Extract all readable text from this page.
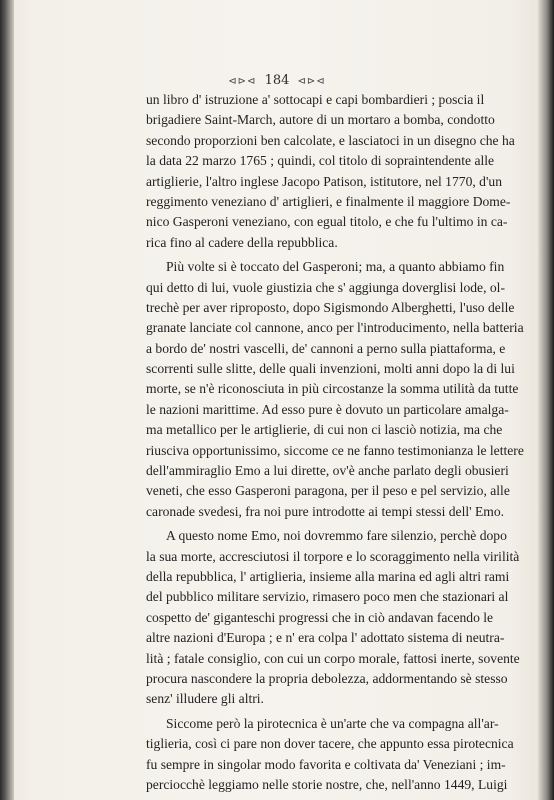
⊲⊳⊲ 184 ⊲⊳⊲
un libro d' istruzione a' sottocapi e capi bombardieri ; poscia il
brigadiere Saint-March, autore di un mortaro a bomba, condotto
secondo proporzioni ben calcolate, e lasciatoci in un disegno che ha
la data 22 marzo 1765 ; quindi, col titolo di sopraintendente alle
artiglierie, l'altro inglese Jacopo Patison, istitutore, nel 1770, d'un
reggimento veneziano d' artiglieri, e finalmente il maggiore Dome-
nico Gasperoni veneziano, con egual titolo, e che fu l'ultimo in ca-
rica fino al cadere della repubblica.
Più volte si è toccato del Gasperoni; ma, a quanto abbiamo fin
qui detto di lui, vuole giustizia che s' aggiunga doverglisi lode, ol-
trechè per aver riproposto, dopo Sigismondo Alberghetti, l'uso delle
granate lanciate col cannone, anco per l'introducimento, nella batteria
a bordo de' nostri vascelli, de' cannoni a perno sulla piattaforma, e
scorrenti sulle slitte, delle quali invenzioni, molti anni dopo la di lui
morte, se n'è riconosciuta in più circostanze la somma utilità da tutte
le nazioni marittime. Ad esso pure è dovuto un particolare amalga-
ma metallico per le artiglierie, di cui non ci lasciò notizia, ma che
riusciva opportunissimo, siccome ce ne fanno testimonianza le lettere
dell'ammiraglio Emo a lui dirette, ov'è anche parlato degli obusieri
veneti, che esso Gasperoni paragona, per il peso e pel servizio, alle
caronade svedesi, fra noi pure introdotte ai tempi stessi dell' Emo.
A questo nome Emo, noi dovremmo fare silenzio, perchè dopo
la sua morte, accresciutosi il torpore e lo scoraggimento nella virilità
della repubblica, l' artiglieria, insieme alla marina ed agli altri rami
del pubblico militare servizio, rimasero poco men che stazionari al
cospetto de' giganteschi progressi che in ciò andavan facendo le
altre nazioni d'Europa ; e n' era colpa l' adottato sistema di neutra-
lità ; fatale consiglio, con cui un corpo morale, fattosi inerte, sovente
procura nascondere la propria debolezza, addormentando sè stesso
senz' illudere gli altri.
Siccome però la pirotecnica è un'arte che va compagna all'ar-
tiglieria, così ci pare non dover tacere, che appunto essa pirotecnica
fu sempre in singolar modo favorita e coltivata da' Veneziani ; im-
perciocchè leggiamo nelle storie nostre, che, nell'anno 1449, Luigi
